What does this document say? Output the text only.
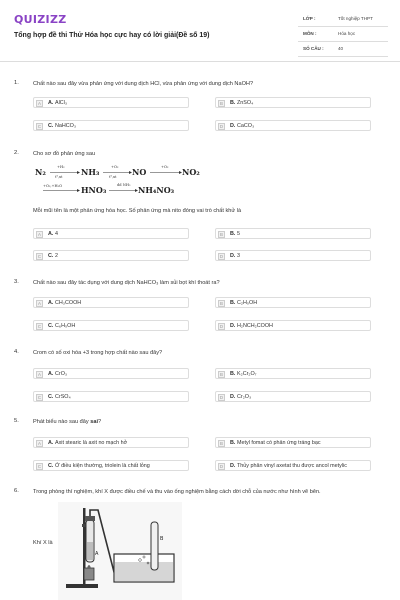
QUIZIZZ
Tổng hợp đề thi Thử Hóa học cực hay có lời giải(Đề số 19)
LỚP :	Tốt nghiệp THPT
MÔN :	Hóa học
SỐ CÂU :	40
1.	Chất nào sau đây vừa phản ứng với dung dịch HCl, vừa phản ứng với dung dịch NaOH?
A	A. AlCl₃	B	B. ZnSO₄
C	C. NaHCO₃	D	D. CaCO₃
2.	Cho sơ đồ phản ứng sau
N₂	+H₂
t°,xt NH₃	+O₂
t°,xt NO	+O₂ NO₂
+O₂,+H₂O HNO₃	dd NH₃ NH₄NO₃
Mỗi mũi tên là một phản ứng hóa học. Số phản ứng mà nito đóng vai trò chất khử là
A	A. 4	B	B. 5
C	C. 2	D	D. 3
3.	Chất nào sau đây tác dụng với dung dịch NaHCO₃ làm sủi bọt khí thoát ra?
A	A. CH₃COOH	B	B. C₂H₅OH
C	C. C₆H₅OH	D	D. H₂NCH₂COOH
4.	Crom có số oxi hóa +3 trong hợp chất nào sau đây?
A	A. CrO₃	B	B. K₂Cr₂O₇
C	C. CrSO₄	D	D. Cr₂O₃
5.	Phát biểu nào sau đây sai?
A	A. Axit stearic là axit no mạch hở	B	B. Metyl fomat có phản ứng tráng bạc
C	C. Ở điều kiện thường, triolein là chất lỏng	D	D. Thủy phân vinyl axetat thu được ancol metylic
6.	Trong phòng thí nghiệm, khí X được điều chế và thu vào ống nghiệm bằng cách dời chỗ của nước như hình vẽ bên.
Khí X là
A
B
